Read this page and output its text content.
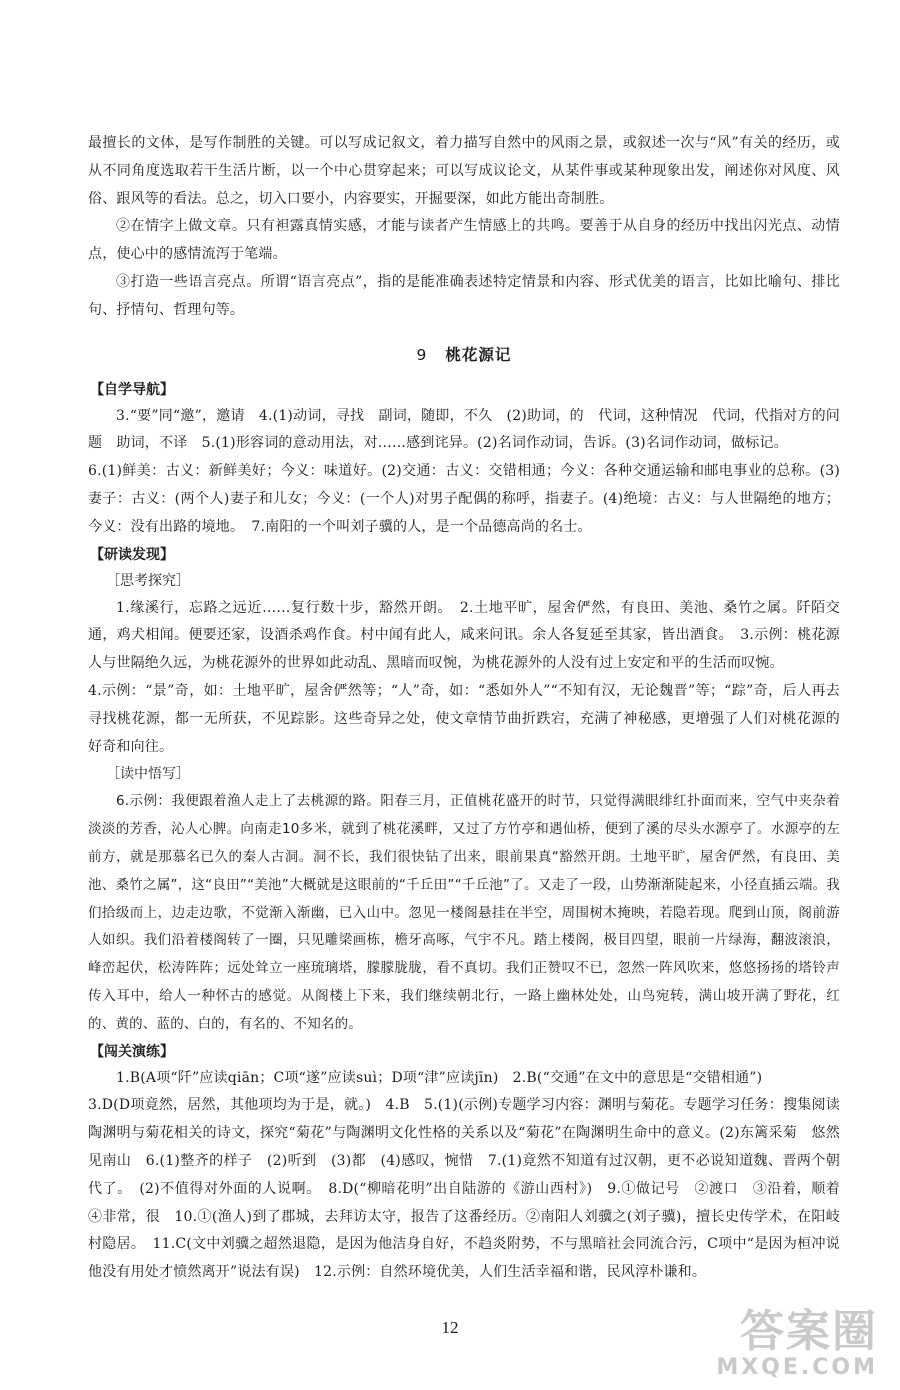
最擅长的文体，是写作制胜的关键。可以写成记叙文，着力描写自然中的风雨之景，或叙述一次与“风”有关的经历，或从不同角度选取若干生活片断，以一个中心贯穿起来；可以写成议论文，从某件事或某种现象出发，阐述你对风度、风俗、跟风等的看法。总之，切入口要小，内容要实，开掘要深，如此方能出奇制胜。

②在情字上做文章。只有袒露真情实感，才能与读者产生情感上的共鸣。要善于从自身的经历中找出闪光点、动情点，使心中的感情流泻于笔端。

③打造一些语言亮点。所谓“语言亮点”，指的是能准确表述特定情景和内容、形式优美的语言，比如比喻句、排比句、抒情句、哲理句等。

9 桃花源记
【自学导航】

3.“要”同“邀”，邀请　4.(1)动词，寻找　副词，随即，不久　(2)助词，的　代词，这种情况　代词，代指对方的问题　助词，不译　5.(1)形容词的意动用法，对……感到诧异。(2)名词作动词，告诉。(3)名词作动词，做标记。

6.(1)鲜美：古义：新鲜美好；今义：味道好。(2)交通：古义：交错相通；今义：各种交通运输和邮电事业的总称。(3)妻子：古义：(两个人)妻子和儿女；今义：(一个人)对男子配偶的称呼，指妻子。(4)绝境：古义：与人世隔绝的地方；今义：没有出路的境地。　7.南阳的一个叫刘子骥的人，是一个品德高尚的名士。

【研读发现】
［思考探究］

1.缘溪行，忘路之远近……复行数十步，豁然开朗。　2.土地平旷，屋舍俨然，有良田、美池、桑竹之属。阡陌交通，鸡犬相闻。便要还家，设酒杀鸡作食。村中闻有此人，咸来问讯。余人各复延至其家，皆出酒食。　3.示例：桃花源人与世隔绝久远，为桃花源外的世界如此动乱、黑暗而叹惋，为桃花源外的人没有过上安定和平的生活而叹惋。

4.示例：“景”奇，如：土地平旷，屋舍俨然等；“人”奇，如：“悉如外人”“不知有汉，无论魏晋”等；“踪”奇，后人再去寻找桃花源，都一无所获，不见踪影。这些奇异之处，使文章情节曲折跌宕，充满了神秘感，更增强了人们对桃花源的好奇和向往。

［读中悟写］

6.示例：我便跟着渔人走上了去桃源的路。阳春三月，正值桃花盛开的时节，只觉得满眼绯红扑面而来，空气中夹杂着淡淡的芳香，沁人心脾。向南走10多米，就到了桃花溪畔，又过了方竹亭和遇仙桥，便到了溪的尽头水源亭了。水源亭的左前方，就是那慕名已久的秦人古洞。洞不长，我们很快钻了出来，眼前果真“豁然开朗。土地平旷，屋舍俨然，有良田、美池、桑竹之属”，这“良田”“美池”大概就是这眼前的“千丘田”“千丘池”了。又走了一段，山势渐渐陡起来，小径直插云端。我们拾级而上，边走边歌，不觉渐入渐幽，已入山中。忽见一楼阁悬挂在半空，周围树木掩映，若隐若现。爬到山顶，阁前游人如织。我们沿着楼阁转了一圈，只见雕梁画栋，檐牙高啄，气宇不凡。踏上楼阁，极目四望，眼前一片绿海，翻波滚浪，峰峦起伏，松涛阵阵；远处耸立一座琉璃塔，朦朦胧胧，看不真切。我们正赞叹不已，忽然一阵风吹来，悠悠扬扬的塔铃声传入耳中，给人一种怀古的感觉。从阁楼上下来，我们继续朝北行，一路上幽林处处，山鸟宛转，满山坡开满了野花，红的、黄的、蓝的、白的，有名的、不知名的。

【闯关演练】

1.B(A项“阡”应读qiān；C项“遂”应读suì；D项“津”应读jīn)　2.B(“交通”在文中的意思是“交错相通”)

3.D(D项竟然，居然，其他项均为于是，就。)　4.B　5.(1)(示例)专题学习内容：渊明与菊花。专题学习任务：搜集阅读陶渊明与菊花相关的诗文，探究“菊花”与陶渊明文化性格的关系以及“菊花”在陶渊明生命中的意义。(2)东篱采菊　悠然见南山　6.(1)整齐的样子　(2)听到　(3)都　(4)感叹，惋惜　7.(1)竟然不知道有过汉朝，更不必说知道魏、晋两个朝代了。　(2)不值得对外面的人说啊。　8.D(“柳暗花明”出自陆游的《游山西村》)　9.①做记号　②渡口　③沿着，顺着　④非常，很　10.①(渔人)到了郡城，去拜访太守，报告了这番经历。②南阳人刘骥之(刘子骥)，擅长史传学术，在阳岐村隐居。　11.C(文中刘骥之超然退隐，是因为他洁身自好，不趋炎附势，不与黑暗社会同流合污，C项中“是因为桓冲说他没有用处才愤然离开”说法有误)　12.示例：自然环境优美，人们生活幸福和谐，民风淳朴谦和。

12	答案圈
MXQE.COM
